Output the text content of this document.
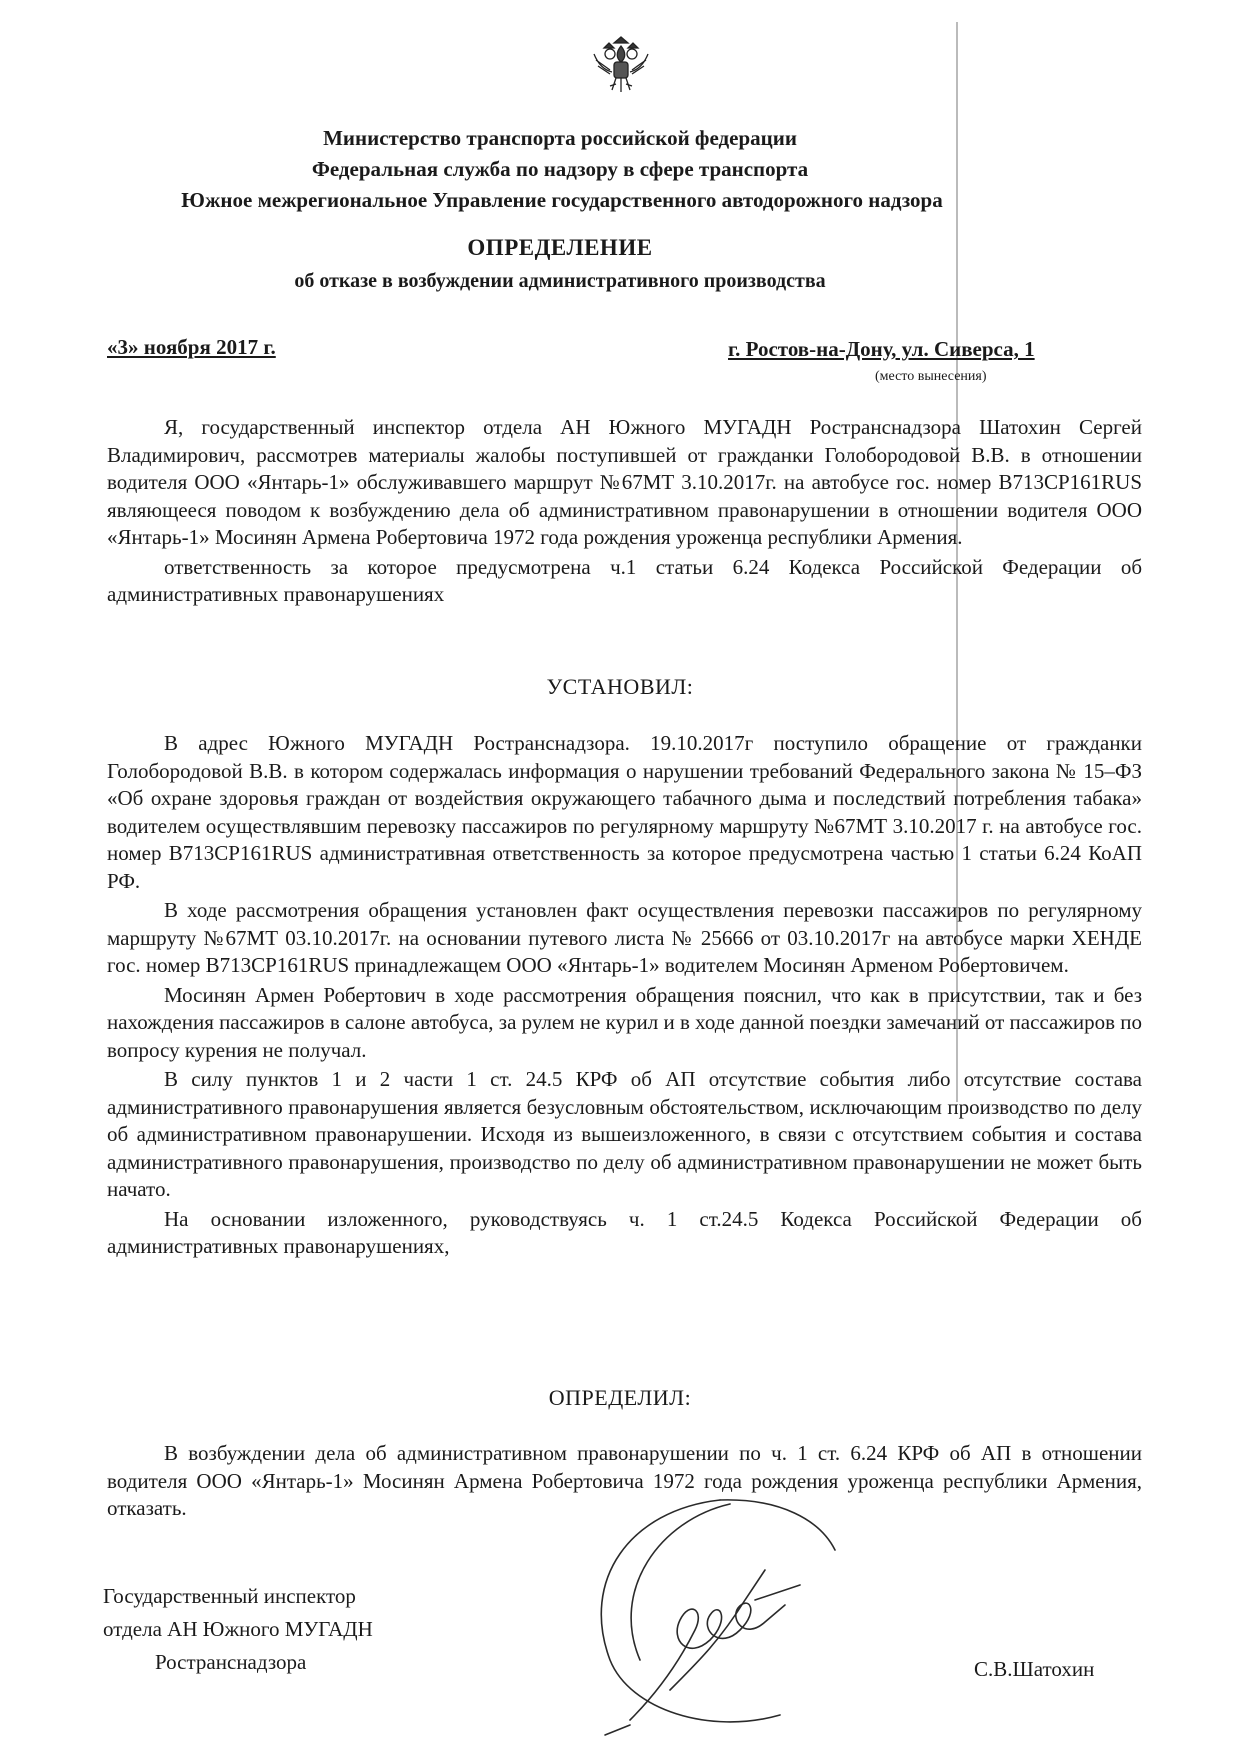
Министерство транспорта российской федерации
Федеральная служба по надзору в сфере транспорта
Южное межрегиональное Управление государственного автодорожного надзора
ОПРЕДЕЛЕНИЕ
об отказе в возбуждении административного производства
«3» ноября 2017 г.	г. Ростов-на-Дону, ул. Сиверса, 1
(место вынесения)

Я, государственный инспектор отдела АН Южного МУГАДН Ространснадзора Шатохин Сергей Владимирович, рассмотрев материалы жалобы поступившей от гражданки Голобородовой В.В. в отношении водителя ООО «Янтарь-1» обслуживавшего маршрут №67МТ 3.10.2017г. на автобусе гос. номер В713СР161RUS являющееся поводом к возбуждению дела об административном правонарушении в отношении водителя ООО «Янтарь-1» Мосинян Армена Робертовича 1972 года рождения уроженца республики Армения.

ответственность за которое предусмотрена ч.1 статьи 6.24 Кодекса Российской Федерации об административных правонарушениях

УСТАНОВИЛ:

В адрес Южного МУГАДН Ространснадзора. 19.10.2017г поступило обращение от гражданки Голобородовой В.В. в котором содержалась информация о нарушении требований Федерального закона № 15–ФЗ «Об охране здоровья граждан от воздействия окружающего табачного дыма и последствий потребления табака» водителем осуществлявшим перевозку пассажиров по регулярному маршруту №67МТ 3.10.2017 г. на автобусе гос. номер В713СР161RUS административная ответственность за которое предусмотрена частью 1 статьи 6.24 КоАП РФ.

В ходе рассмотрения обращения установлен факт осуществления перевозки пассажиров по регулярному маршруту №67МТ 03.10.2017г. на основании путевого листа № 25666 от 03.10.2017г на автобусе марки ХЕНДЕ гос. номер В713СР161RUS принадлежащем ООО «Янтарь-1» водителем Мосинян Арменом Робертовичем.

Мосинян Армен Робертович в ходе рассмотрения обращения пояснил, что как в присутствии, так и без нахождения пассажиров в салоне автобуса, за рулем не курил и в ходе данной поездки замечаний от пассажиров по вопросу курения не получал.

В силу пунктов 1 и 2 части 1 ст. 24.5 КРФ об АП отсутствие события либо отсутствие состава административного правонарушения является безусловным обстоятельством, исключающим производство по делу об административном правонарушении. Исходя из вышеизложенного, в связи с отсутствием события и состава административного правонарушения, производство по делу об административном правонарушении не может быть начато.

На основании изложенного, руководствуясь ч. 1 ст.24.5 Кодекса Российской Федерации об административных правонарушениях,

ОПРЕДЕЛИЛ:

В возбуждении дела об административном правонарушении по ч. 1 ст. 6.24 КРФ об АП в отношении водителя ООО «Янтарь-1» Мосинян Армена Робертовича 1972 года рождения уроженца республики Армения, отказать.

Государственный инспектор
отдела АН Южного МУГАДН
Ространснадзора	С.В.Шатохин
